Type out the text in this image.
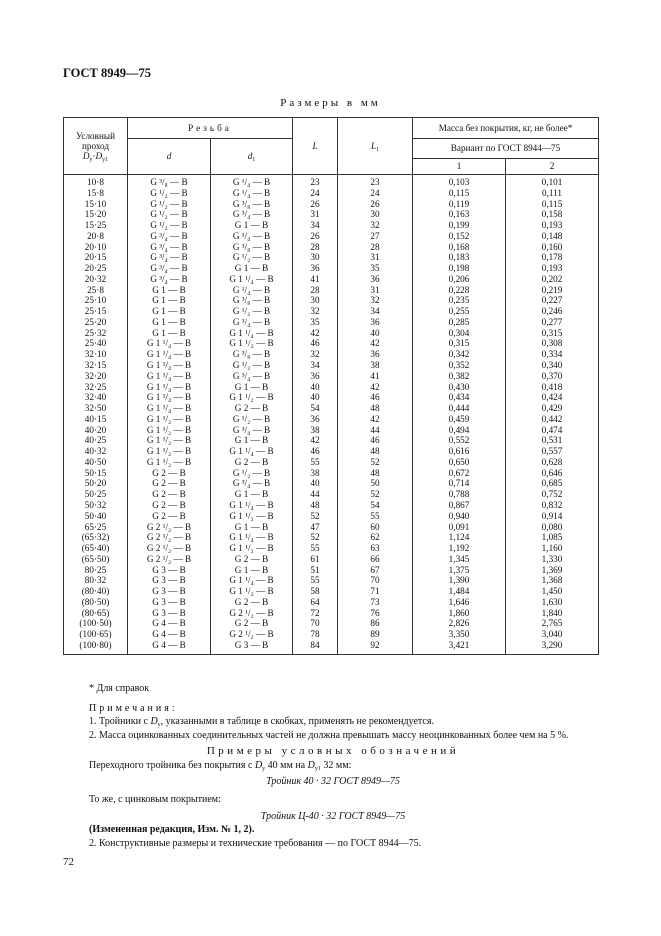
ГОСТ 8949—75
Размеры в мм
Условный проход
$D_у\cdot D_{у1}$	Резьба		L	$L_1$	Масса без покрытия, кг, не более*	
	d	$d_1$			Вариант по ГОСТ 8944—75	
					1	2
10·8	G ³/₈ — B	G ¹/₄ — B	23	23	0,103	0,101
15·8	G ¹/₂ — B	G ¹/₄ — B	24	24	0,115	0,111
15·10	G ¹/₂ — B	G ³/₈ — B	26	26	0,119	0,115
15·20	G ¹/₂ — B	G ³/₄ — B	31	30	0,163	0,158
15·25	G ¹/₂ — B	G 1 — B	34	32	0,199	0,193
20·8	G ³/₄ — B	G ¹/₄ — B	26	27	0,152	0,148
20·10	G ³/₄ — B	G ³/₈ — B	28	28	0,168	0,160
20·15	G ³/₄ — B	G ¹/₂ — B	30	31	0,183	0,178
20·25	G ³/₄ — B	G 1 — B	36	35	0,198	0,193
20·32	G ³/₄ — B	G 1 ¹/₄ — B	41	36	0,206	0,202
25·8	G 1 — B	G ¹/₄ — B	28	31	0,228	0,219
25·10	G 1 — B	G ³/₈ — B	30	32	0,235	0,227
25·15	G 1 — B	G ¹/₂ — B	32	34	0,255	0,246
25·20	G 1 — B	G ³/₄ — B	35	36	0,285	0,277
25·32	G 1 — B	G 1 ¹/₄ — B	42	40	0,304	0,315
25·40	G 1 ¹/₄ — B	G 1 ¹/₂ — B	46	42	0,315	0,308
32·10	G 1 ¹/₄ — B	G ³/₈ — B	32	36	0,342	0,334
32·15	G 1 ¹/₄ — B	G ¹/₂ — B	34	38	0,352	0,340
32·20	G 1 ¹/₄ — B	G ³/₄ — B	36	41	0,382	0,370
32·25	G 1 ¹/₄ — B	G 1 — B	40	42	0,430	0,418
32·40	G 1 ¹/₄ — B	G 1 ¹/₂ — B	40	46	0,434	0,424
32·50	G 1 ¹/₄ — B	G 2 — B	54	48	0,444	0,429
40·15	G 1 ¹/₂ — B	G ¹/₂ — B	36	42	0,459	0,442
40·20	G 1 ¹/₂ — B	G ³/₄ — B	38	44	0,494	0,474
40·25	G 1 ¹/₂ — B	G 1 — B	42	46	0,552	0,531
40·32	G 1 ¹/₂ — B	G 1 ¹/₄ — B	46	48	0,616	0,557
40·50	G 1 ¹/₂ — B	G 2 — B	55	52	0,650	0,628
50·15	G 2 — B	G ¹/₂ — B	38	48	0,672	0,646
50·20	G 2 — B	G ³/₄ — B	40	50	0,714	0,685
50·25	G 2 — B	G 1 — B	44	52	0,788	0,752
50·32	G 2 — B	G 1 ¹/₄ — B	48	54	0,867	0,832
50·40	G 2 — B	G 1 ¹/₂ — B	52	55	0,940	0,914
65·25	G 2 ¹/₂ — B	G 1 — B	47	60	0,091	0,080
(65·32)	G 2 ¹/₂ — B	G 1 ¹/₄ — B	52	62	1,124	1,085
(65·40)	G 2 ¹/₂ — B	G 1 ¹/₂ — B	55	63	1,192	1,160
(65·50)	G 2 ¹/₂ — B	G 2 — B	61	66	1,345	1,330
80·25	G 3 — B	G 1 — B	51	67	1,375	1,369
80·32	G 3 — B	G 1 ¹/₄ — B	55	70	1,390	1,368
(80·40)	G 3 — B	G 1 ¹/₂ — B	58	71	1,484	1,450
(80·50)	G 3 — B	G 2 — B	64	73	1,646	1,630
(80·65)	G 3 — B	G 2 ¹/₂ — B	72	76	1,860	1,840
(100·50)	G 4 — B	G 2 — B	70	86	2,826	2,765
(100·65)	G 4 — B	G 2 ¹/₂ — B	78	89	3,350	3,040
(100·80)	G 4 — B	G 3 — B	84	92	3,421	3,290

* Для справок

Примечания:

1. Тройники с $D_у$, указанными в таблице в скобках, применять не рекомендуется.

2. Масса оцинкованных соединительных частей не должна превышать массу неоцинкованных более чем на 5 %.

Примеры условных обозначений

Переходного тройника без покрытия с $D_у$ 40 мм на $D_{у1}$ 32 мм:

Тройник 40 · 32 ГОСТ 8949—75

То же, с цинковым покрытием:

Тройник Ц-40 · 32 ГОСТ 8949—75

(Измененная редакция, Изм. № 1, 2).

2. Конструктивные размеры и технические требования — по ГОСТ 8944—75.

72
